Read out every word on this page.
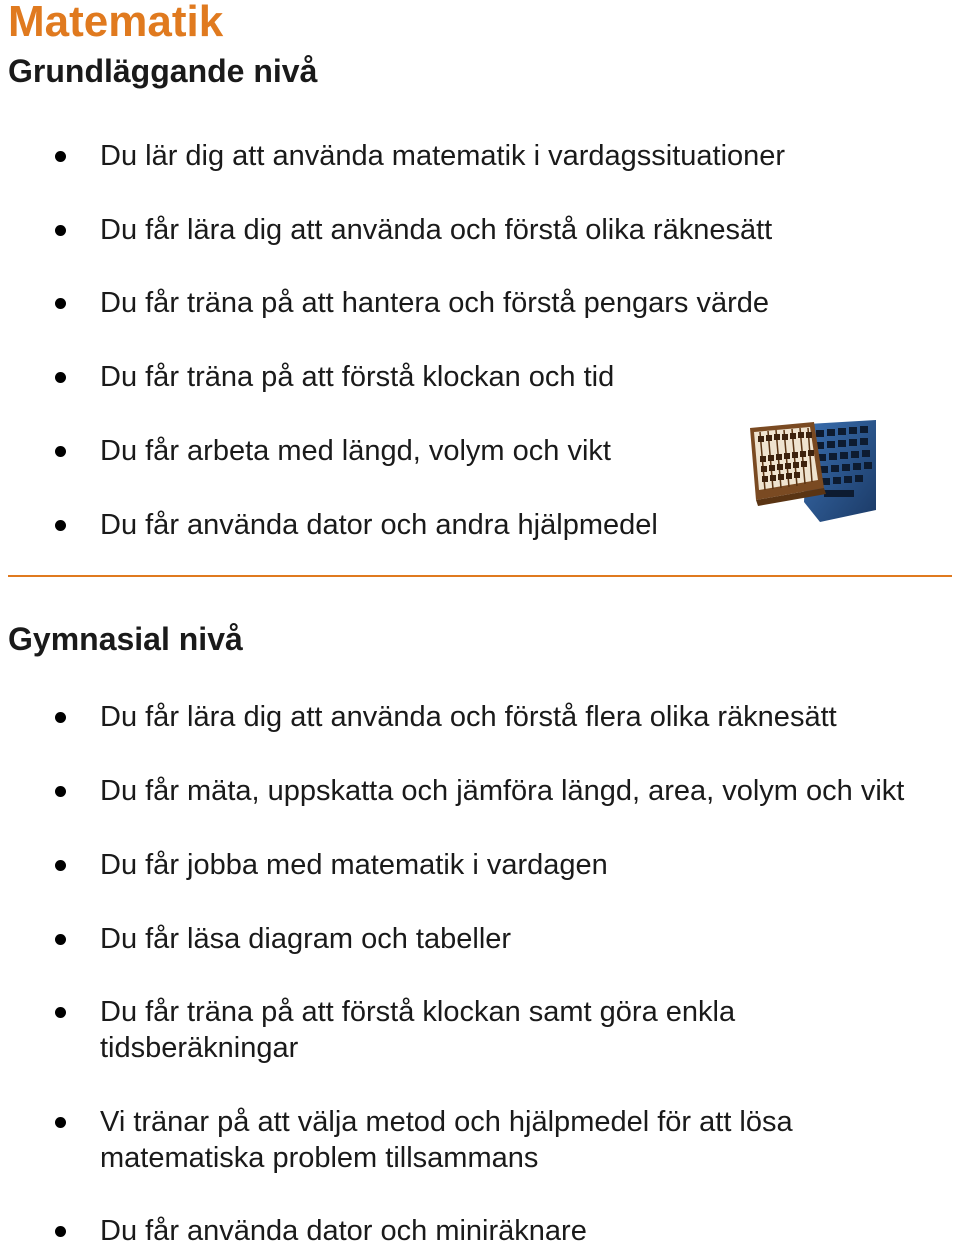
Matematik
Grundläggande nivå
Du lär dig att använda matematik i vardagssituationer
Du får lära dig att använda och förstå olika räknesätt
Du får träna på att hantera och förstå pengars värde
Du får träna på att förstå klockan och tid
Du får arbeta med längd, volym och vikt
Du får använda dator och andra hjälpmedel
Gymnasial nivå
Du får lära dig att använda och förstå flera olika räknesätt
Du får mäta, uppskatta och jämföra längd, area, volym och vikt
Du får jobba med matematik i vardagen
Du får läsa diagram och tabeller
Du får träna på att förstå klockan samt göra enkla tidsberäkningar
Vi tränar på att välja metod och hjälpmedel för att lösa matematiska problem tillsammans
Du får använda dator och miniräknare
